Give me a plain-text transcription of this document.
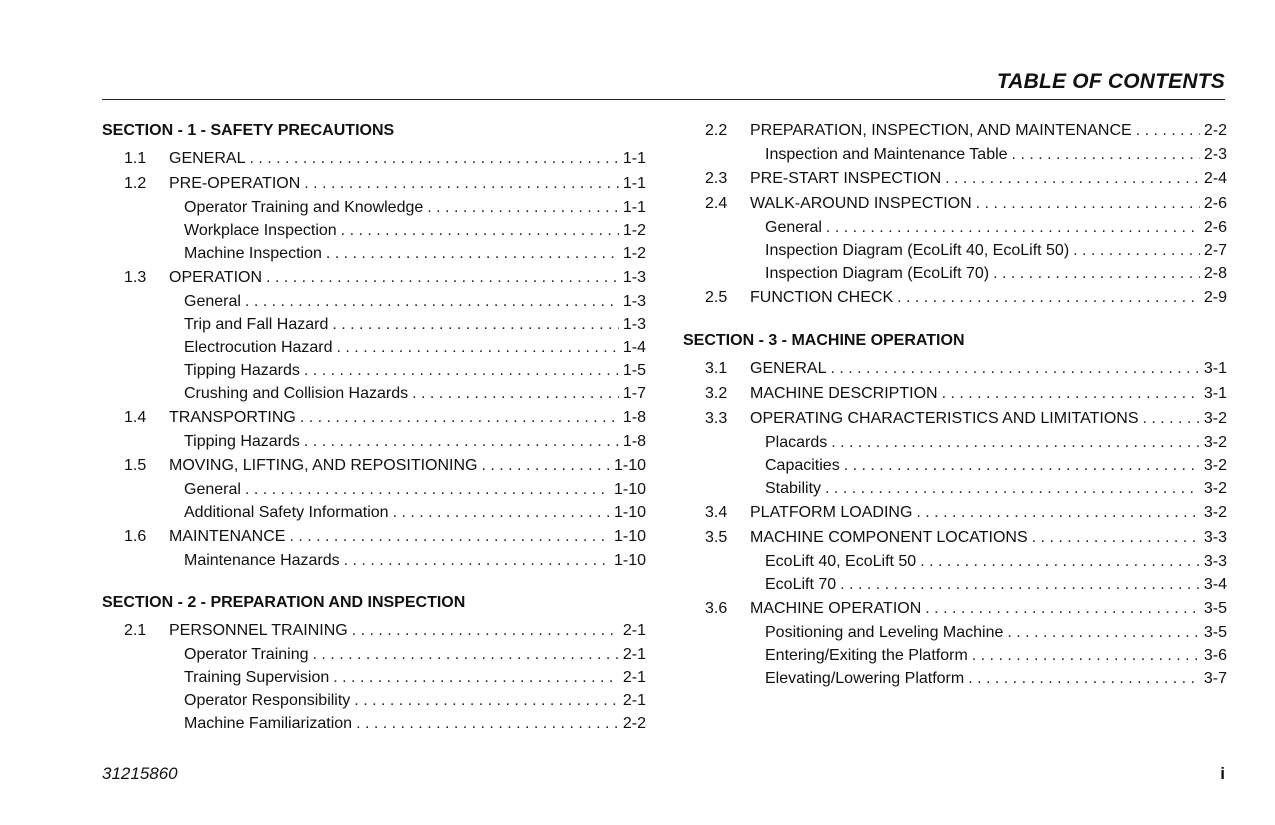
TABLE OF CONTENTS
SECTION - 1 - SAFETY PRECAUTIONS
1.1	GENERAL . . .	1-1
1.2	PRE-OPERATION . . .	1-1
Operator Training and Knowledge . . .	1-1
Workplace Inspection . . .	1-2
Machine Inspection . . .	1-2
1.3	OPERATION . . .	1-3
General . . .	1-3
Trip and Fall Hazard . . .	1-3
Electrocution Hazard . . .	1-4
Tipping Hazards . . .	1-5
Crushing and Collision Hazards . . .	1-7
1.4	TRANSPORTING . . .	1-8
Tipping Hazards . . .	1-8
1.5	MOVING, LIFTING, AND REPOSITIONING . . .	1-10
General . . .	1-10
Additional Safety Information . . .	1-10
1.6	MAINTENANCE . . .	1-10
Maintenance Hazards . . .	1-10
SECTION - 2 - PREPARATION AND INSPECTION
2.1	PERSONNEL TRAINING . . .	2-1
Operator Training . . .	2-1
Training Supervision . . .	2-1
Operator Responsibility . . .	2-1
Machine Familiarization . . .	2-2
2.2	PREPARATION, INSPECTION, AND MAINTENANCE . . .	2-2
Inspection and Maintenance Table . . .	2-3
2.3	PRE-START INSPECTION . . .	2-4
2.4	WALK-AROUND INSPECTION . . .	2-6
General . . .	2-6
Inspection Diagram (EcoLift 40, EcoLift 50) . . .	2-7
Inspection Diagram (EcoLift 70) . . .	2-8
2.5	FUNCTION CHECK . . .	2-9
SECTION - 3 - MACHINE OPERATION
3.1	GENERAL . . .	3-1
3.2	MACHINE DESCRIPTION . . .	3-1
3.3	OPERATING CHARACTERISTICS AND LIMITATIONS . . .	3-2
Placards . . .	3-2
Capacities . . .	3-2
Stability . . .	3-2
3.4	PLATFORM LOADING . . .	3-2
3.5	MACHINE COMPONENT LOCATIONS . . .	3-3
EcoLift 40, EcoLift 50 . . .	3-3
EcoLift 70 . . .	3-4
3.6	MACHINE OPERATION . . .	3-5
Positioning and Leveling Machine . . .	3-5
Entering/Exiting the Platform . . .	3-6
Elevating/Lowering Platform . . .	3-7
31215860	i
